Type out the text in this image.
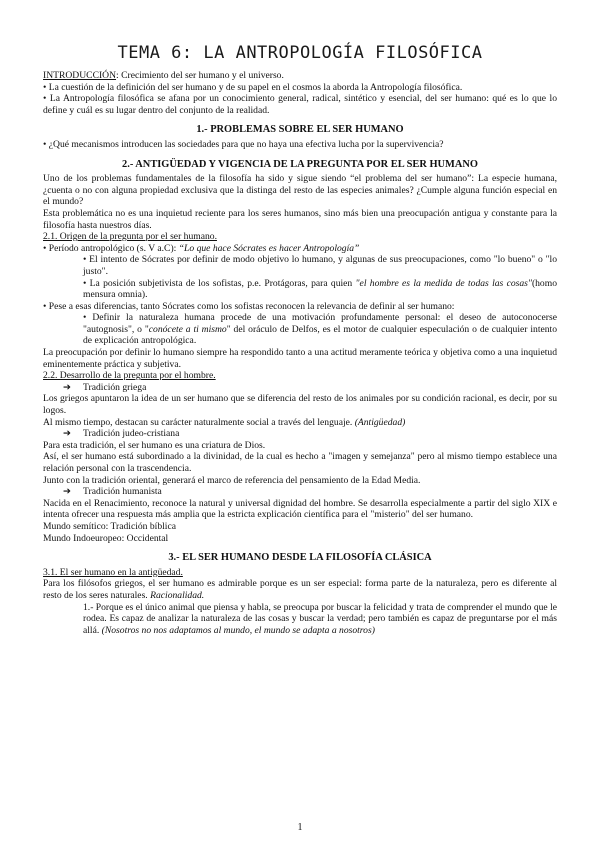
TEMA 6: LA ANTROPOLOGÍA FILOSÓFICA

INTRODUCCIÓN: Crecimiento del ser humano y el universo.

• La cuestión de la definición del ser humano y de su papel en el cosmos la aborda la Antropología filosófica.

• La Antropología filosófica se afana por un conocimiento general, radical, sintético y esencial, del ser humano: qué es lo que lo define y cuál es su lugar dentro del conjunto de la realidad.

1.- PROBLEMAS SOBRE EL SER HUMANO

• ¿Qué mecanismos introducen las sociedades para que no haya una efectiva lucha por la supervivencia?

2.- ANTIGÜEDAD Y VIGENCIA DE LA PREGUNTA POR EL SER HUMANO

Uno de los problemas fundamentales de la filosofía ha sido y sigue siendo “el problema del ser humano”: La especie humana, ¿cuenta o no con alguna propiedad exclusiva que la distinga del resto de las especies animales? ¿Cumple alguna función especial en el mundo?

Esta problemática no es una inquietud reciente para los seres humanos, sino más bien una preocupación antigua y constante para la filosofía hasta nuestros días.

2.1. Origen de la pregunta por el ser humano.

• Período antropológico (s. V a.C): “Lo que hace Sócrates es hacer Antropología”

• El intento de Sócrates por definir de modo objetivo lo humano, y algunas de sus preocupaciones, como "lo bueno" o "lo justo".

• La posición subjetivista de los sofistas, p.e. Protágoras, para quien "el hombre es la medida de todas las cosas"(homo mensura omnia).

• Pese a esas diferencias, tanto Sócrates como los sofistas reconocen la relevancia de definir al ser humano:

• Definir la naturaleza humana procede de una motivación profundamente personal: el deseo de autoconocerse "autognosis", o "conócete a ti mismo" del oráculo de Delfos, es el motor de cualquier especulación o de cualquier intento de explicación antropológica.

La preocupación por definir lo humano siempre ha respondido tanto a una actitud meramente teórica y objetiva como a una inquietud eminentemente práctica y subjetiva.

2.2. Desarrollo de la pregunta por el hombre.

➔ Tradición griega

Los griegos apuntaron la idea de un ser humano que se diferencia del resto de los animales por su condición racional, es decir, por su logos.

Al mismo tiempo, destacan su carácter naturalmente social a través del lenguaje. (Antigüedad)

➔ Tradición judeo-cristiana

Para esta tradición, el ser humano es una criatura de Dios.

Así, el ser humano está subordinado a la divinidad, de la cual es hecho a "imagen y semejanza" pero al mismo tiempo establece una relación personal con la trascendencia.

Junto con la tradición oriental, generará el marco de referencia del pensamiento de la Edad Media.

➔ Tradición humanista

Nacida en el Renacimiento, reconoce la natural y universal dignidad del hombre. Se desarrolla especialmente a partir del siglo XIX e intenta ofrecer una respuesta más amplia que la estricta explicación científica para el "misterio" del ser humano.

Mundo semítico: Tradición bíblica

Mundo Indoeuropeo: Occidental

3.- EL SER HUMANO DESDE LA FILOSOFÍA CLÁSICA

3.1. El ser humano en la antigüedad.

Para los filósofos griegos, el ser humano es admirable porque es un ser especial: forma parte de la naturaleza, pero es diferente al resto de los seres naturales. Racionalidad.

1.- Porque es el único animal que piensa y habla, se preocupa por buscar la felicidad y trata de comprender el mundo que le rodea. Es capaz de analizar la naturaleza de las cosas y buscar la verdad; pero también es capaz de preguntarse por el más allá. (Nosotros no nos adaptamos al mundo, el mundo se adapta a nosotros)

1
